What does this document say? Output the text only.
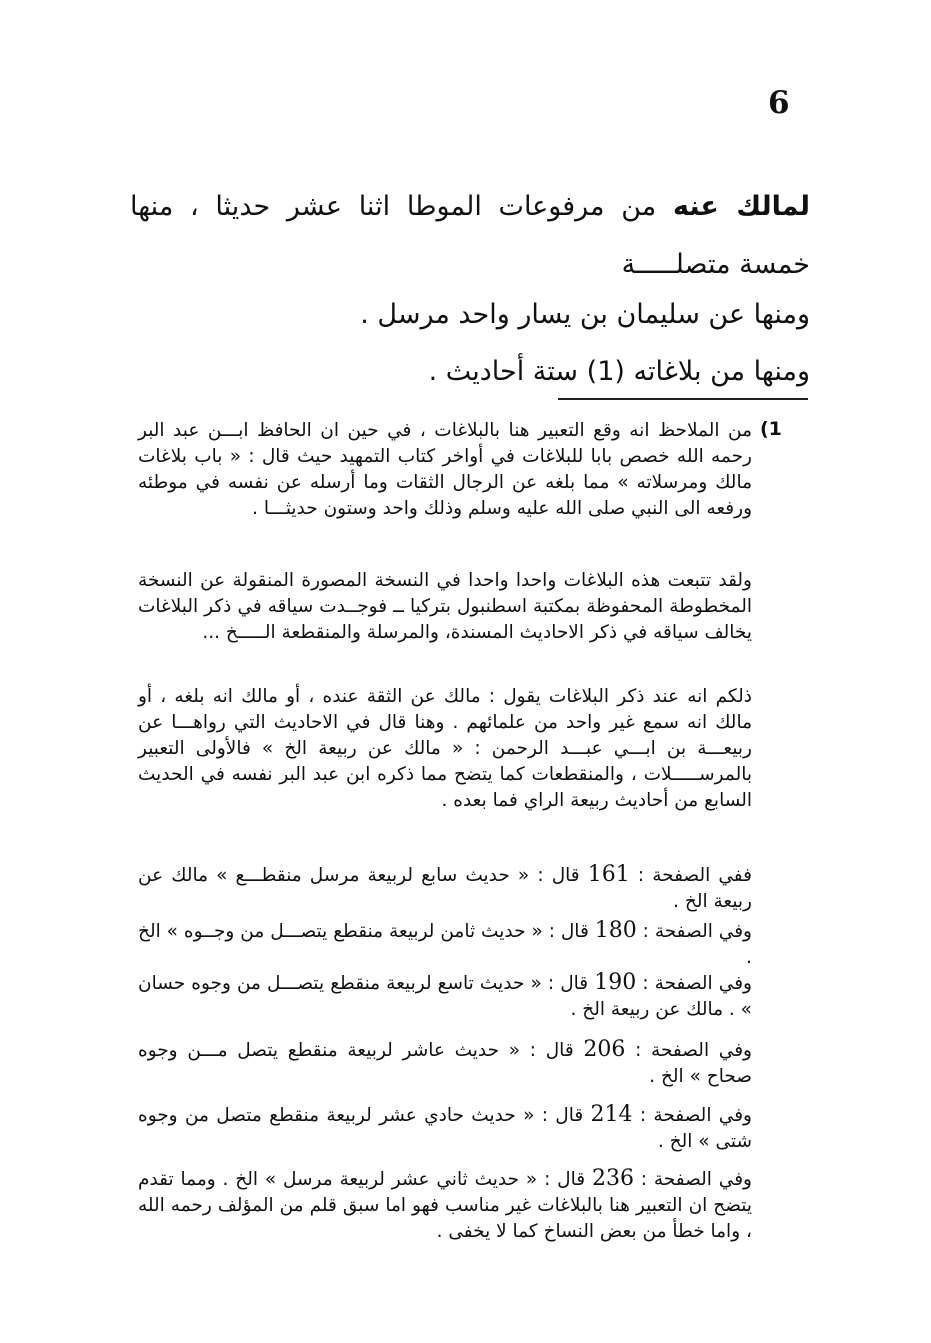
6

لمالك عنه من مرفوعات الموطا اثنا عشر حديثا ، منها خمسة متصلـــــة

ومنها عن سليمان بن يسار واحد مرسل .

ومنها من بلاغاته (1) ستة أحاديث .

(1

من الملاحظ انه وقع التعبير هنا بالبلاغات ، في حين ان الحافظ ابـــن عبد البر رحمه الله خصص بابا للبلاغات في أواخر كتاب التمهيد حيث قال : « باب بلاغات مالك ومرسلاته » مما بلغه عن الرجال الثقات وما أرسله عن نفسه في موطئه ورفعه الى النبي صلى الله عليه وسلم وذلك واحد وستون حديثـــا .

ولقد تتبعت هذه البلاغات واحدا واحدا في النسخة المصورة المنقولة عن النسخة المخطوطة المحفوظة بمكتبة اسطنبول بتركيا ــ فوجــدت سياقه في ذكر البلاغات يخالف سياقه في ذكر الاحاديث المسندة، والمرسلة والمنقطعة الـــــخ ...

ذلكم انه عند ذكر البلاغات يقول : مالك عن الثقة عنده ، أو مالك انه بلغه ، أو مالك انه سمع غير واحد من علمائهم . وهنا قال في الاحاديث التي رواهـــا عن ربيعـــة بن ابـــي عبـــد الرحمن : « مالك عن ربيعة الخ » فالأولى التعبير بالمرســـــلات ، والمنقطعات كما يتضح مما ذكره ابن عبد البر نفسه في الحديث السابع من أحاديث ربيعة الراي فما بعده .

ففي الصفحة : 161 قال : « حديث سابع لربيعة مرسل منقطـــع » مالك عن ربيعة الخ .

وفي الصفحة : 180 قال : « حديث ثامن لربيعة منقطع يتصـــل من وجــوه » الخ .

وفي الصفحة : 190 قال : « حديث تاسع لربيعة منقطع يتصـــل من وجوه حسان » . مالك عن ربيعة الخ .

وفي الصفحة : 206 قال : « حديث عاشر لربيعة منقطع يتصل مـــن وجوه صحاح » الخ .

وفي الصفحة : 214 قال : « حديث حادي عشر لربيعة منقطع متصل من وجوه شتى » الخ .

وفي الصفحة : 236 قال : « حديث ثاني عشر لربيعة مرسل » الخ . ومما تقدم يتضح ان التعبير هنا بالبلاغات غير مناسب فهو اما سبق قلم من المؤلف رحمه الله ، واما خطأ من بعض النساخ كما لا يخفى .
